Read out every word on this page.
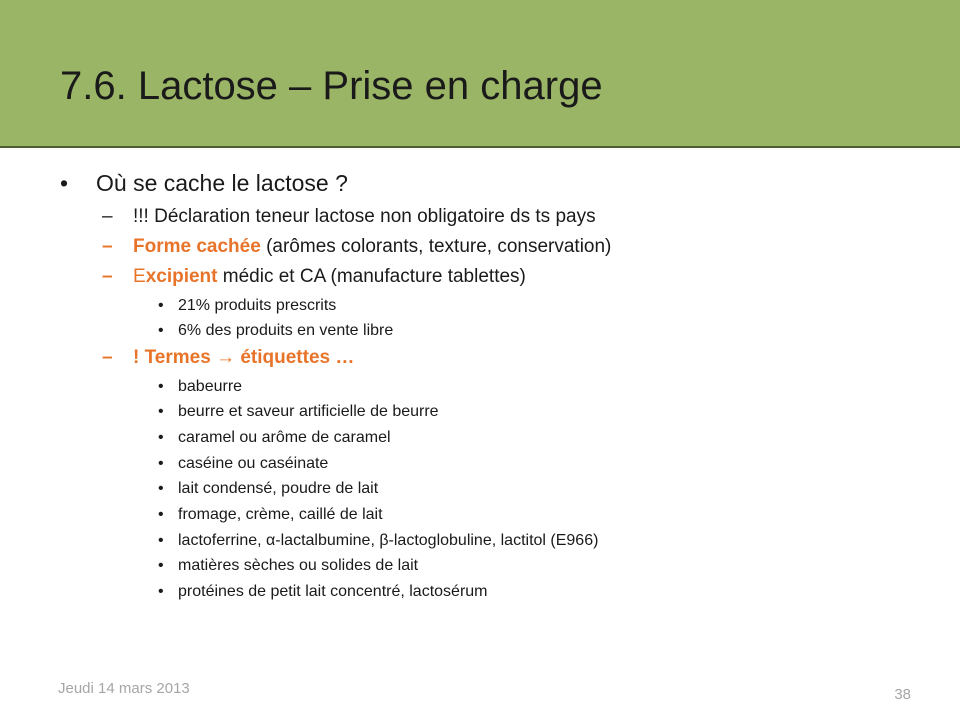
7.6. Lactose – Prise en charge
• Où se cache le lactose ?
– !!! Déclaration teneur lactose non obligatoire ds ts pays
– Forme cachée (arômes colorants, texture, conservation)
– Excipient médic et CA (manufacture tablettes)
• 21% produits prescrits
• 6% des produits en vente libre
– ! Termes → étiquettes …
• babeurre
• beurre et saveur artificielle de beurre
• caramel ou arôme de caramel
• caséine ou caséinate
• lait condensé, poudre de lait
• fromage, crème, caillé de lait
• lactoferrine, α-lactalbumine, β-lactoglobuline, lactitol (E966)
• matières sèches ou solides de lait
• protéines de petit lait concentré, lactosérum
Jeudi 14 mars 2013	38
